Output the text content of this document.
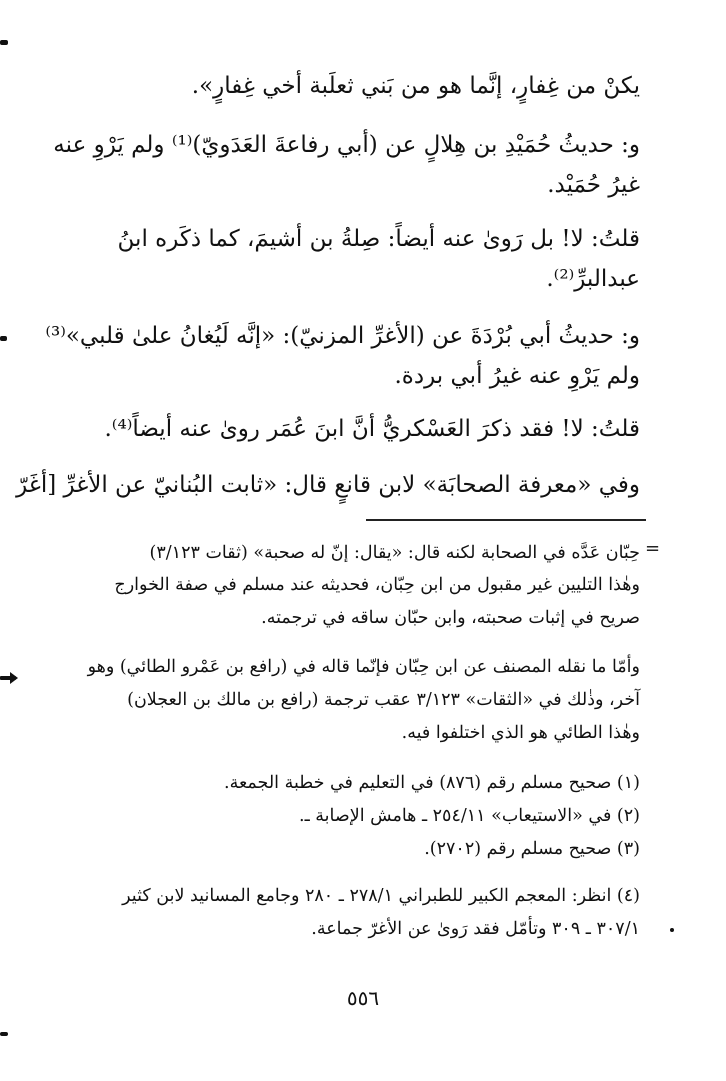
يكنْ من غِفارٍ، إنَّما هو من بَني ثعلَبة أخي غِفارٍ».
و: حديثُ حُمَيْدِ بن هِلالٍ عن (أبي رفاعةَ العَدَويّ)⁽¹⁾ ولم يَرْوِ عنه
غيرُ حُمَيْد.
قلتُ: لا! بل رَوىٰ عنه أيضاً: صِلةُ بن أشيمَ، كما ذكَره ابنُ
عبدالبرِّ⁽²⁾.
و: حديثُ أبي بُرْدَةَ عن (الأغرِّ المزنيّ): «إنَّه لَيُغانُ علىٰ قلبي»⁽³⁾
ولم يَرْوِ عنه غيرُ أبي بردة.
قلتُ: لا! فقد ذكرَ العَسْكريُّ أنَّ ابنَ عُمَر روىٰ عنه أيضاً⁽⁴⁾.
وفي «معرفة الصحابَة» لابن قانعٍ قال: «ثابت البُنانيّ عن الأغرِّ [أغَرّ
=
حِبّان عَدَّه في الصحابة لكنه قال: «يقال: إنّ له صحبة» (ثقات ٣/١٢٣)
وهٰذا التليين غير مقبول من ابن حِبّان، فحديثه عند مسلم في صفة الخوارج
صريح في إثبات صحبته، وابن حبّان ساقه في ترجمته.
وأمّا ما نقله المصنف عن ابن حِبّان فإنّما قاله في (رافع بن عَمْرو الطائي) وهو
آخر، وذٰلك في «الثقات» ٣/١٢٣ عقب ترجمة (رافع بن مالك بن العجلان)
وهٰذا الطائي هو الذي اختلفوا فيه.
(١) صحيح مسلم رقم (٨٧٦) في التعليم في خطبة الجمعة.
(٢) في «الاستيعاب» ٢٥٤/١١ ـ هامش الإصابة ـ.
(٣) صحيح مسلم رقم (٢٧٠٢).
(٤) انظر: المعجم الكبير للطبراني ٢٧٨/١ ـ ٢٨٠ وجامع المسانيد لابن كثير
٣٠٧/١ ـ ٣٠٩ وتأمّل فقد رَوىٰ عن الأغرّ جماعة.
٥٥٦
